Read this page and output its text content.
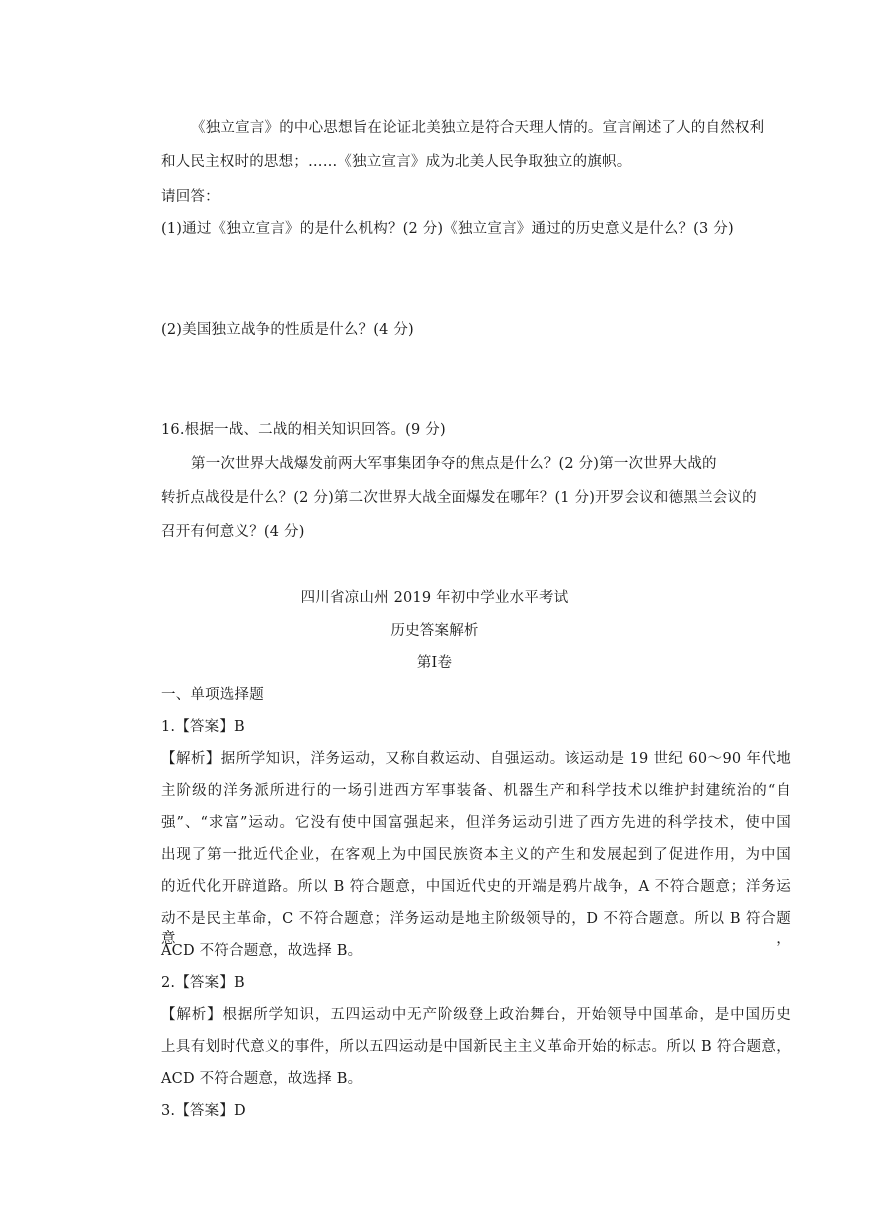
《独立宣言》的中心思想旨在论证北美独立是符合天理人情的。宣言阐述了人的自然权利
和人民主权时的思想；……《独立宣言》成为北美人民争取独立的旗帜。
请回答：
(1)通过《独立宣言》的是什么机构？(2 分)《独立宣言》通过的历史意义是什么？(3 分)
(2)美国独立战争的性质是什么？(4 分)
16.根据一战、二战的相关知识回答。(9 分)
第一次世界大战爆发前两大军事集团争夺的焦点是什么？(2 分)第一次世界大战的
转折点战役是什么？(2 分)第二次世界大战全面爆发在哪年？(1 分)开罗会议和德黑兰会议的
召开有何意义？(4 分)
四川省凉山州 2019 年初中学业水平考试
历史答案解析
第Ⅰ卷
一、单项选择题
1.【答案】B
【解析】据所学知识，洋务运动，又称自救运动、自强运动。该运动是 19 世纪 60～90 年代地
主阶级的洋务派所进行的一场引进西方军事装备、机器生产和科学技术以维护封建统治的“自
强”、“求富”运动。它没有使中国富强起来，但洋务运动引进了西方先进的科学技术，使中国
出现了第一批近代企业，在客观上为中国民族资本主义的产生和发展起到了促进作用，为中国
的近代化开辟道路。所以 B 符合题意，中国近代史的开端是鸦片战争，A 不符合题意；洋务运
动不是民主革命，C 不符合题意；洋务运动是地主阶级领导的，D 不符合题意。所以 B 符合题意，
ACD 不符合题意，故选择 B。
2.【答案】B
【解析】根据所学知识，五四运动中无产阶级登上政治舞台，开始领导中国革命，是中国历史
上具有划时代意义的事件，所以五四运动是中国新民主主义革命开始的标志。所以 B 符合题意，
ACD 不符合题意，故选择 B。
3.【答案】D
